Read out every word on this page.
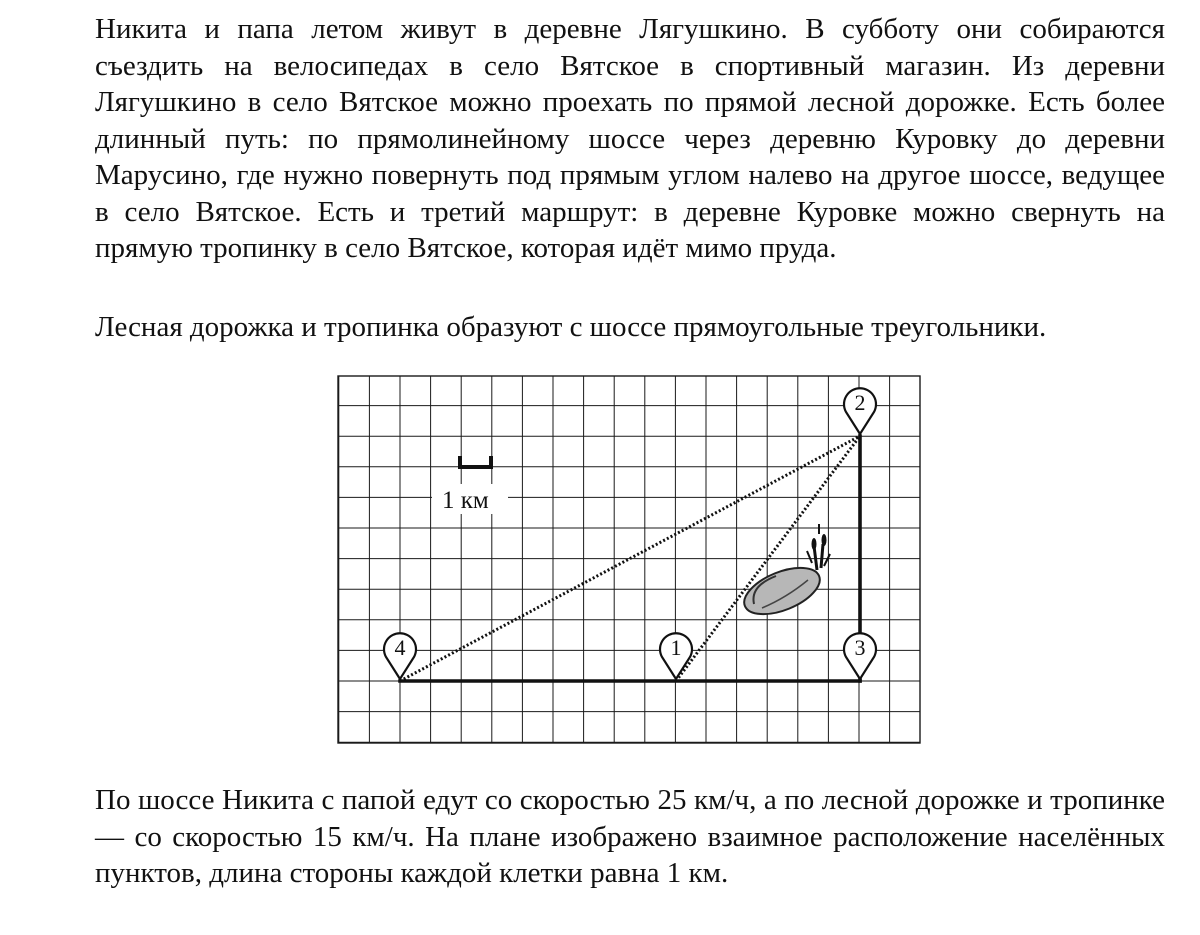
Никита и папа летом живут в деревне Лягушкино. В субботу они собираются съездить на велосипедах в село Вятское в спортивный магазин. Из деревни Лягушкино в село Вятское можно проехать по прямой лесной дорожке. Есть более длинный путь: по прямолинейному шоссе через деревню Куровку до деревни Марусино, где нужно повернуть под прямым углом налево на другое шоссе, ведущее в село Вятское. Есть и третий маршрут: в деревне Куровке можно свернуть на прямую тропинку в село Вятское, которая идёт мимо пруда.

Лесная дорожка и тропинка образуют с шоссе прямоугольные треугольники.

1 км
1
2
3
4

По шоссе Никита с папой едут со скоростью 25 км/ч, а по лесной дорожке и тропинке — со скоростью 15 км/ч. На плане изображено взаимное расположение населённых пунктов, длина стороны каждой клетки равна 1 км.
